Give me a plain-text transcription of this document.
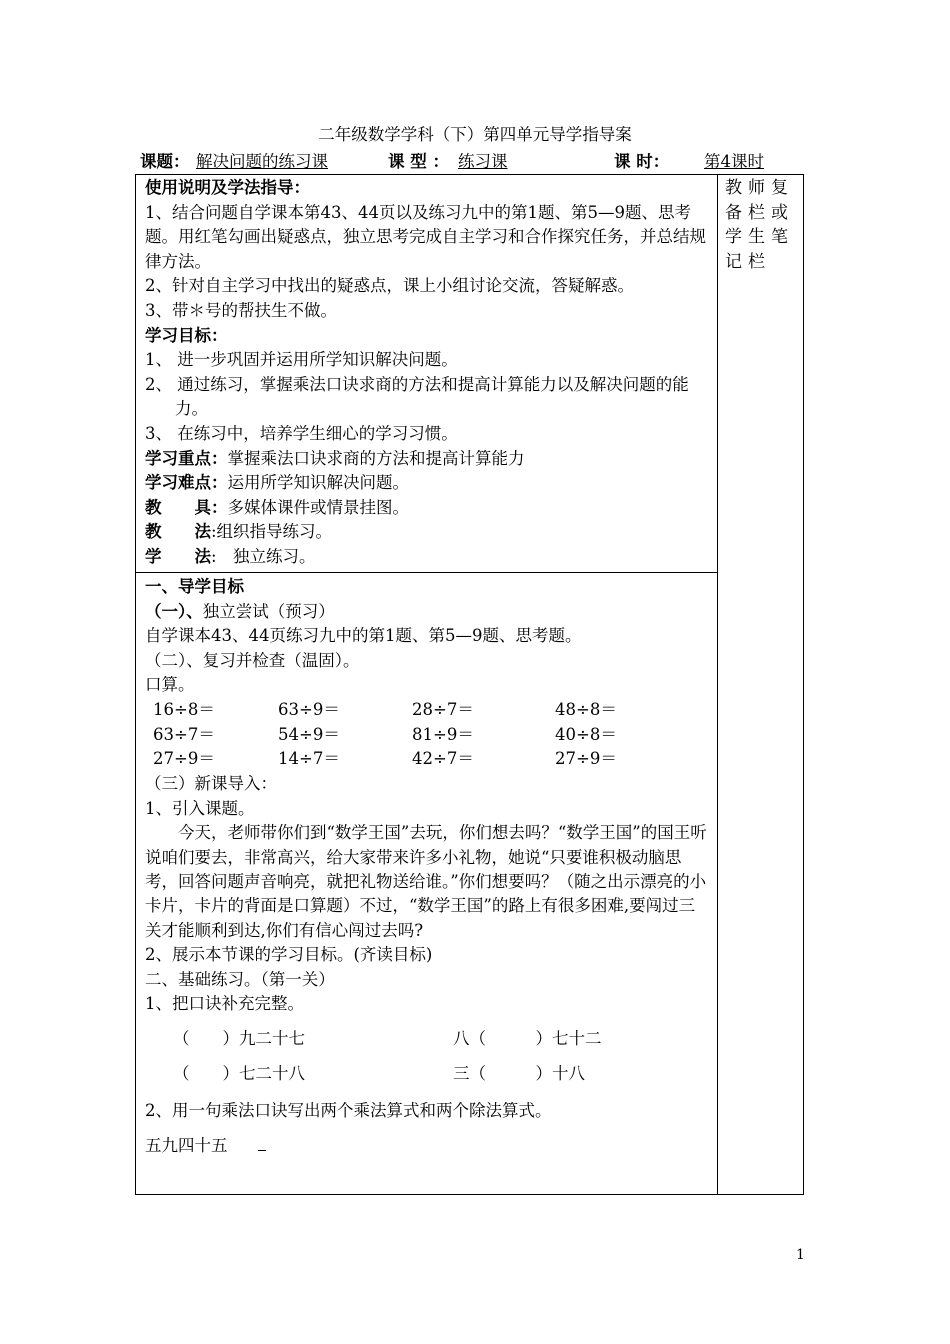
二年级数学学科（下）第四单元导学指导案
课题： 解决问题的练习课	课 型 ： 练习课	课 时：	第4课时
教师复备栏或学生笔记栏

使用说明及学法指导：

1、结合问题自学课本第43、44页以及练习九中的第1题、第5—9题、思考题。用红笔勾画出疑惑点，独立思考完成自主学习和合作探究任务，并总结规律方法。

2、针对自主学习中找出的疑惑点，课上小组讨论交流，答疑解惑。

3、带＊号的帮扶生不做。

学习目标：

1、 进一步巩固并运用所学知识解决问题。

2、 通过练习，掌握乘法口诀求商的方法和提高计算能力以及解决问题的能力。

3、 在练习中，培养学生细心的学习习惯。

学习重点：掌握乘法口诀求商的方法和提高计算能力

学习难点：运用所学知识解决问题。

教　　具：多媒体课件或情景挂图。

教　　法:组织指导练习。

学　　法:　独立练习。

一、导学目标

（一）、独立尝试（预习）

自学课本43、44页练习九中的第1题、第5—9题、思考题。

（二）、复习并检查（温固）。

口算。

16÷8＝	63÷9＝	28÷7＝	48÷8＝
63÷7＝	54÷9＝	81÷9＝	40÷8＝
27÷9＝	14÷7＝	42÷7＝	27÷9＝

（三）新课导入：

1、引入课题。

今天，老师带你们到“数学王国”去玩，你们想去吗？“数学王国”的国王听说咱们要去，非常高兴，给大家带来许多小礼物，她说“只要谁积极动脑思考，回答问题声音响亮，就把礼物送给谁。”你们想要吗？（随之出示漂亮的小卡片，卡片的背面是口算题）不过，“数学王国”的路上有很多困难,要闯过三关才能顺利到达,你们有信心闯过去吗?

2、展示本节课的学习目标。(齐读目标)

二、基础练习。（第一关）

1、把口诀补充完整。

（　　）九二十七	八（　　　）七十二
（　　）七二十八	三（　　　）十八

2、用一句乘法口诀写出两个乘法算式和两个除法算式。

五九四十五

1
